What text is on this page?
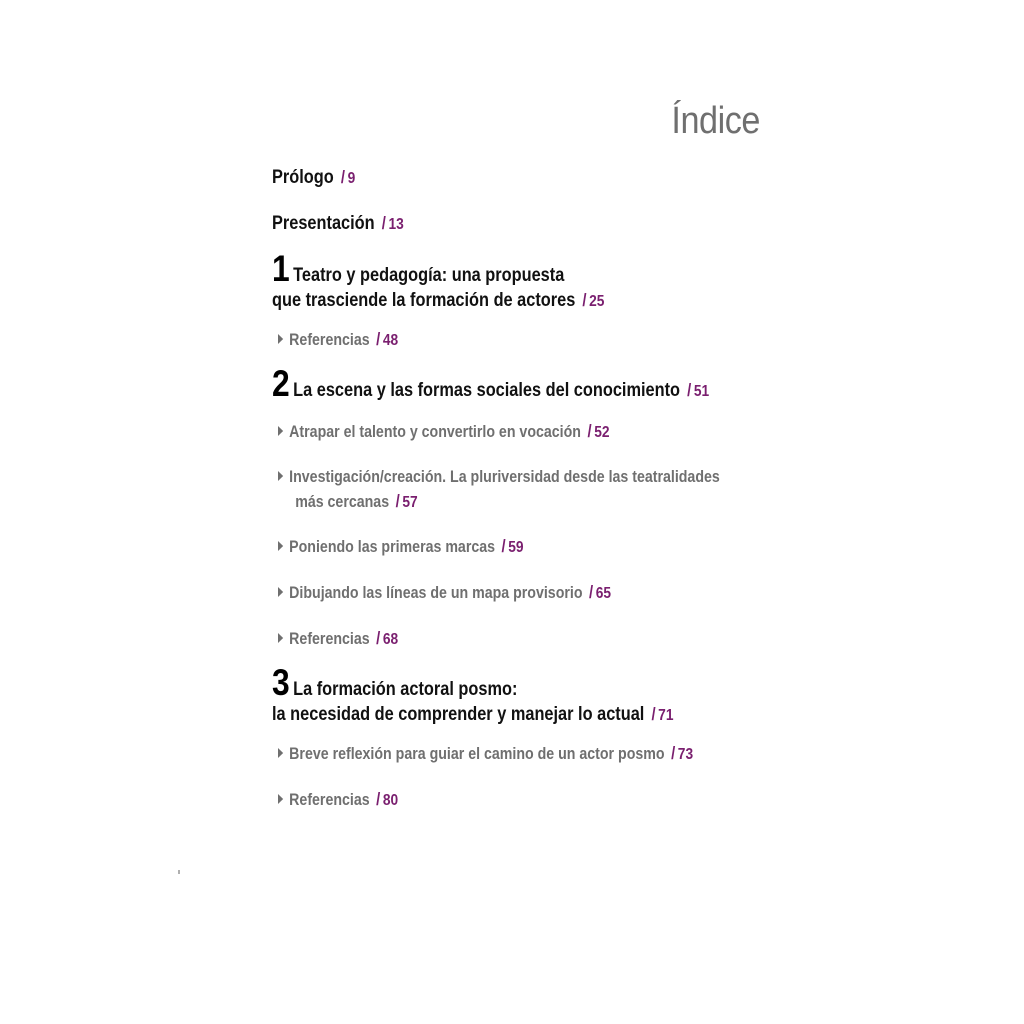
Índice
Prólogo / 9
Presentación / 13
1 Teatro y pedagogía: una propuesta
que trasciende la formación de actores / 25
Referencias / 48
2 La escena y las formas sociales del conocimiento / 51
Atrapar el talento y convertirlo en vocación / 52
Investigación/creación. La pluriversidad desde las teatralidades
más cercanas / 57
Poniendo las primeras marcas / 59
Dibujando las líneas de un mapa provisorio / 65
Referencias / 68
3 La formación actoral posmo:
la necesidad de comprender y manejar lo actual / 71
Breve reflexión para guiar el camino de un actor posmo / 73
Referencias / 80
